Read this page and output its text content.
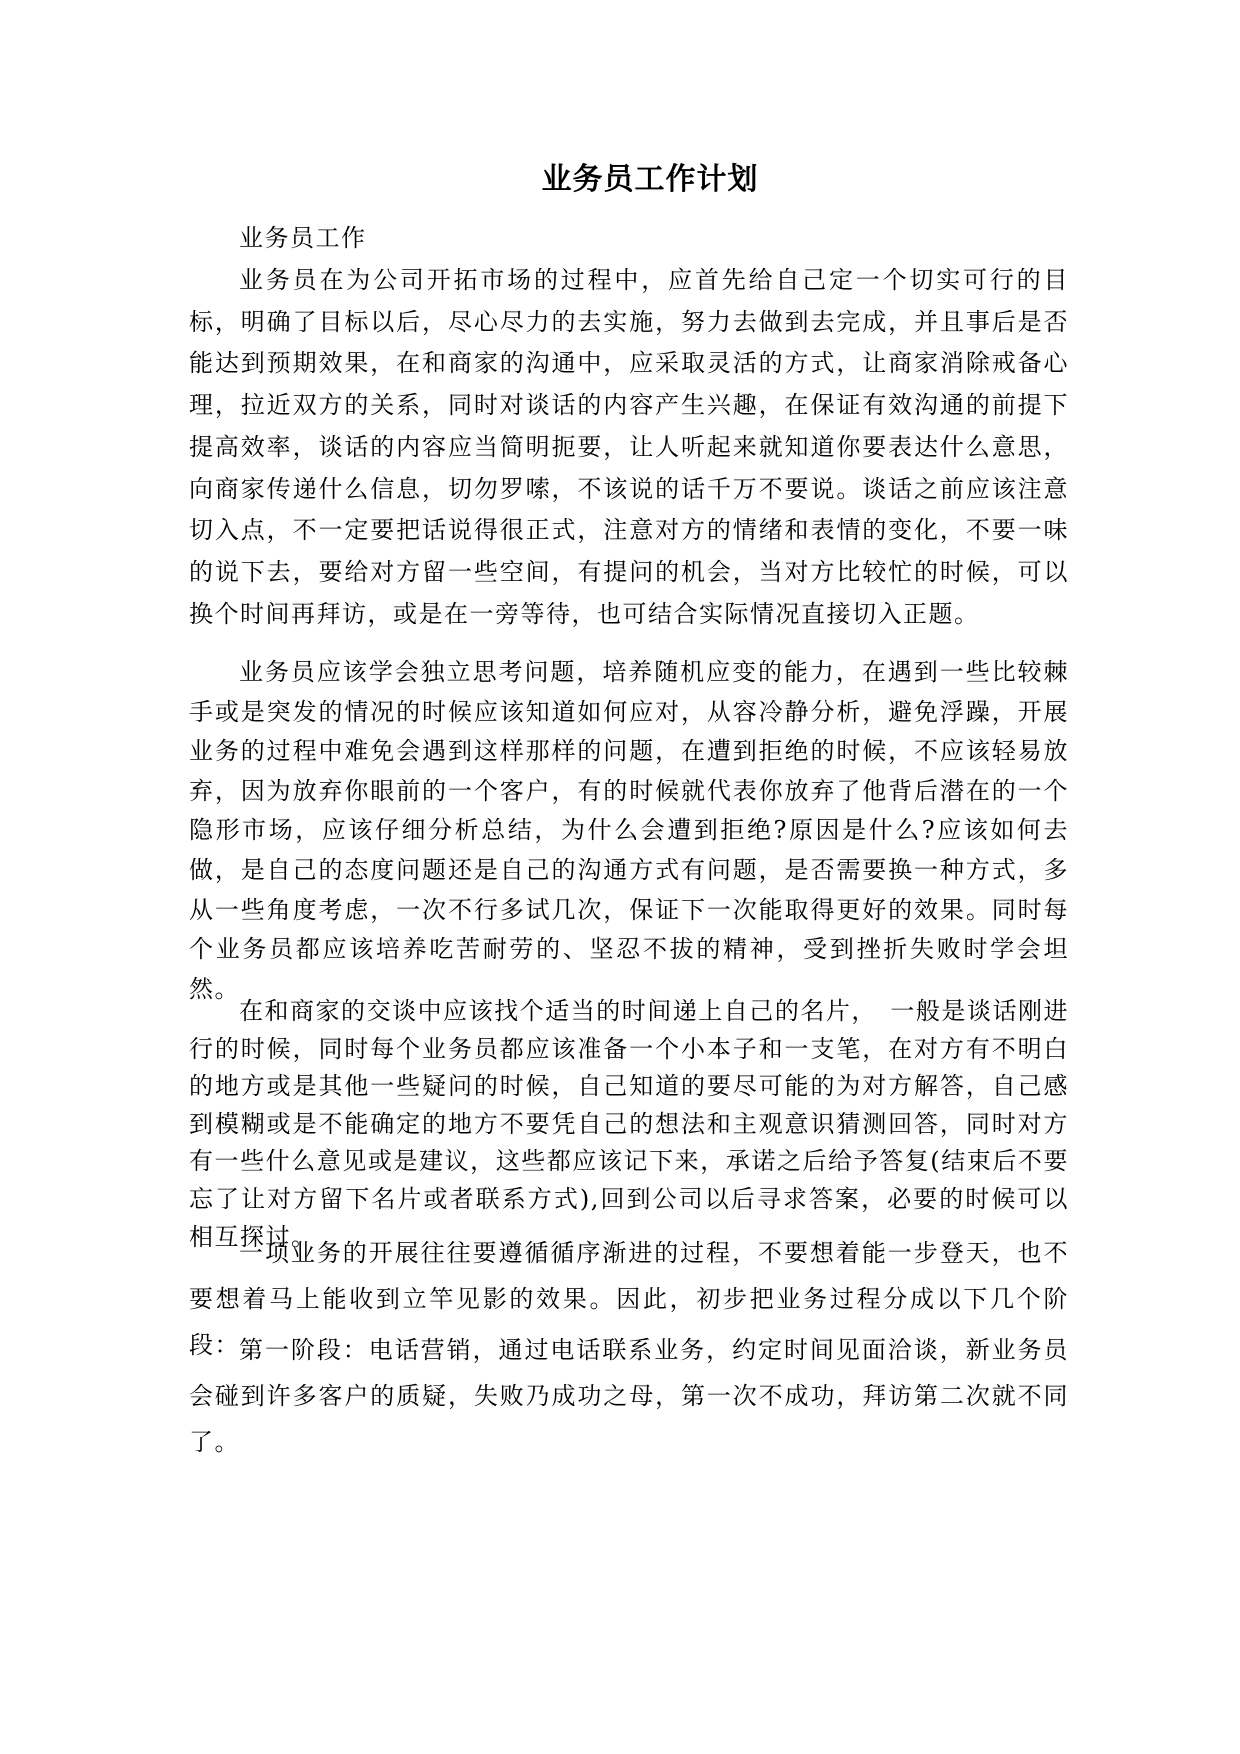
业务员工作计划
业务员工作
业务员在为公司开拓市场的过程中，应首先给自己定一个切实可行的目标，明确了目标以后，尽心尽力的去实施，努力去做到去完成，并且事后是否能达到预期效果，在和商家的沟通中，应采取灵活的方式，让商家消除戒备心理，拉近双方的关系，同时对谈话的内容产生兴趣，在保证有效沟通的前提下提高效率，谈话的内容应当简明扼要，让人听起来就知道你要表达什么意思，向商家传递什么信息，切勿罗嗦，不该说的话千万不要说。谈话之前应该注意切入点，不一定要把话说得很正式，注意对方的情绪和表情的变化，不要一味的说下去，要给对方留一些空间，有提问的机会，当对方比较忙的时候，可以换个时间再拜访，或是在一旁等待，也可结合实际情况直接切入正题。
业务员应该学会独立思考问题，培养随机应变的能力，在遇到一些比较棘手或是突发的情况的时候应该知道如何应对，从容冷静分析，避免浮躁，开展业务的过程中难免会遇到这样那样的问题，在遭到拒绝的时候，不应该轻易放弃，因为放弃你眼前的一个客户，有的时候就代表你放弃了他背后潜在的一个隐形市场，应该仔细分析总结，为什么会遭到拒绝?原因是什么?应该如何去做，是自己的态度问题还是自己的沟通方式有问题，是否需要换一种方式，多从一些角度考虑，一次不行多试几次，保证下一次能取得更好的效果。同时每个业务员都应该培养吃苦耐劳的、坚忍不拔的精神，受到挫折失败时学会坦然。
在和商家的交谈中应该找个适当的时间递上自己的名片，　一般是谈话刚进行的时候，同时每个业务员都应该准备一个小本子和一支笔，在对方有不明白的地方或是其他一些疑问的时候，自己知道的要尽可能的为对方解答，自己感到模糊或是不能确定的地方不要凭自己的想法和主观意识猜测回答，同时对方有一些什么意见或是建议，这些都应该记下来，承诺之后给予答复(结束后不要忘了让对方留下名片或者联系方式),回到公司以后寻求答案，必要的时候可以相互探讨。
一项业务的开展往往要遵循循序渐进的过程，不要想着能一步登天，也不要想着马上能收到立竿见影的效果。因此，初步把业务过程分成以下几个阶段： 第一阶段：电话营销，通过电话联系业务，约定时间见面洽谈，新业务员会碰到许多客户的质疑，失败乃成功之母，第一次不成功，拜访第二次就不同了。
